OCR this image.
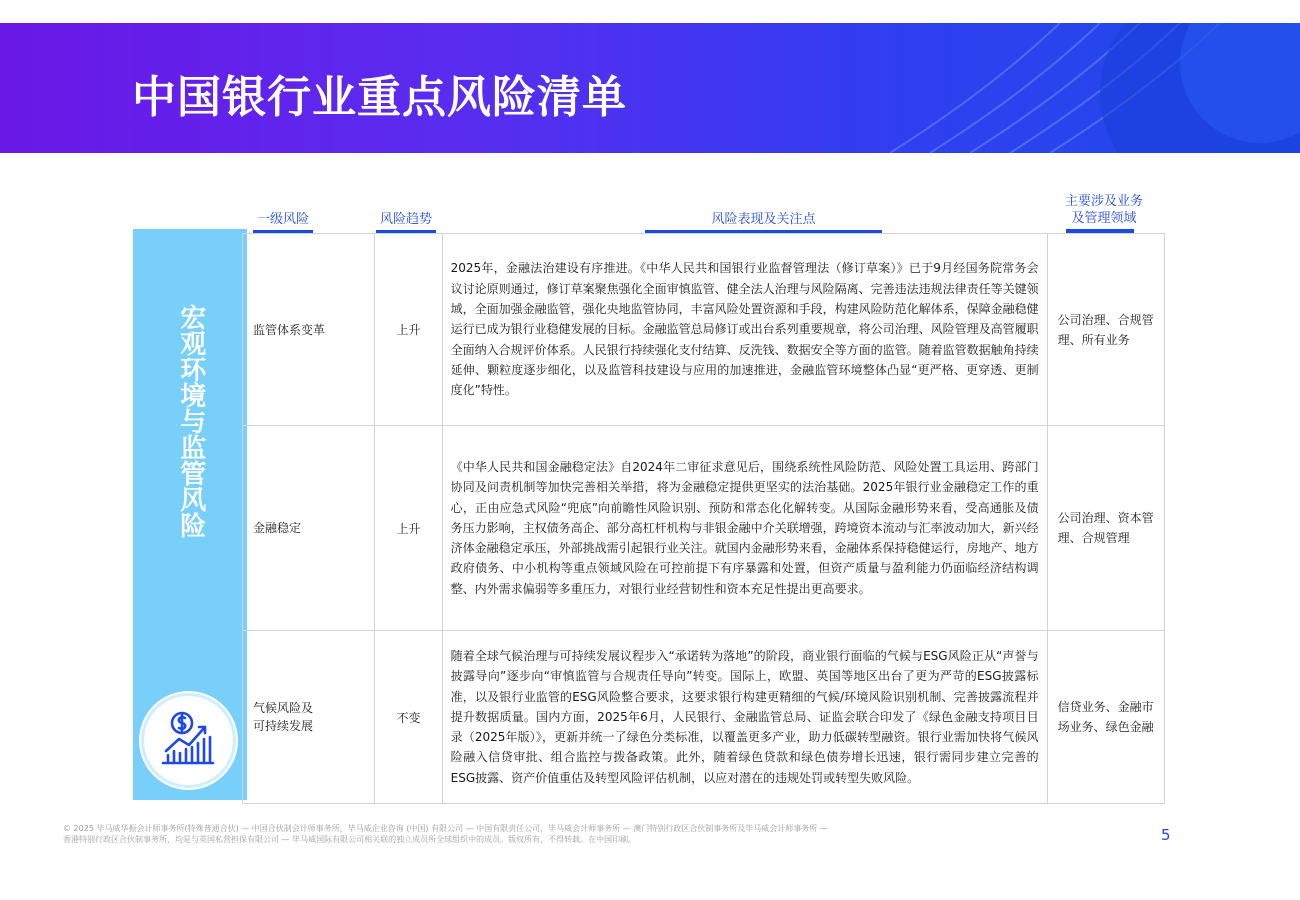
中国银行业重点风险清单
一级风险	风险趋势	风险表现及关注点
主要涉及业务
及管理领域
宏观环境与监管风险	监管体系变革	上升	2025年，金融法治建设有序推进。《中华人民共和国银行业监督管理法（修订草案）》已于9月经国务院常务会议讨论原则通过，修订草案聚焦强化全面审慎监管、健全法人治理与风险隔离、完善违法违规法律责任等关键领域，全面加强金融监管，强化央地监管协同，丰富风险处置资源和手段，构建风险防范化解体系，保障金融稳健运行已成为银行业稳健发展的目标。金融监管总局修订或出台系列重要规章，将公司治理、风险管理及高管履职全面纳入合规评价体系。人民银行持续强化支付结算、反洗钱、数据安全等方面的监管。随着监管数据触角持续延伸、颗粒度逐步细化，以及监管科技建设与应用的加速推进，金融监管环境整体凸显“更严格、更穿透、更制度化”特性。	公司治理、合规管理、所有业务
金融稳定	上升	《中华人民共和国金融稳定法》自2024年二审征求意见后，围绕系统性风险防范、风险处置工具运用、跨部门协同及问责机制等加快完善相关举措，将为金融稳定提供更坚实的法治基础。2025年银行业金融稳定工作的重心，正由应急式风险“兜底”向前瞻性风险识别、预防和常态化化解转变。从国际金融形势来看，受高通胀及债务压力影响，主权债务高企、部分高杠杆机构与非银金融中介关联增强，跨境资本流动与汇率波动加大，新兴经济体金融稳定承压，外部挑战需引起银行业关注。就国内金融形势来看，金融体系保持稳健运行，房地产、地方政府债务、中小机构等重点领域风险在可控前提下有序暴露和处置，但资产质量与盈利能力仍面临经济结构调整、内外需求偏弱等多重压力，对银行业经营韧性和资本充足性提出更高要求。	公司治理、资本管理、合规管理
气候风险及
可持续发展	不变	随着全球气候治理与可持续发展议程步入“承诺转为落地”的阶段，商业银行面临的气候与ESG风险正从“声誉与披露导向”逐步向“审慎监管与合规责任导向”转变。国际上，欧盟、英国等地区出台了更为严苛的ESG披露标准，以及银行业监管的ESG风险整合要求，这要求银行构建更精细的气候/环境风险识别机制、完善披露流程并提升数据质量。国内方面，2025年6月，人民银行、金融监管总局、证监会联合印发了《绿色金融支持项目目录（2025年版）》，更新并统一了绿色分类标准，以覆盖更多产业，助力低碳转型融资。银行业需加快将气候风险融入信贷审批、组合监控与拨备政策。此外，随着绿色贷款和绿色债券增长迅速，银行需同步建立完善的ESG披露、资产价值重估及转型风险评估机制，以应对潜在的违规处罚或转型失败风险。	信贷业务、金融市场业务、绿色金融
© 2025 毕马威华振会计师事务所(特殊普通合伙) — 中国合伙制会计师事务所，毕马威企业咨询 (中国) 有限公司 — 中国有限责任公司，毕马威会计师事务所 — 澳门特别行政区合伙制事务所及毕马威会计师事务所 —
香港特别行政区合伙制事务所，均是与英国私营担保有限公司 — 毕马威国际有限公司相关联的独立成员所全球组织中的成员。版权所有，不得转载。在中国印刷。	5
